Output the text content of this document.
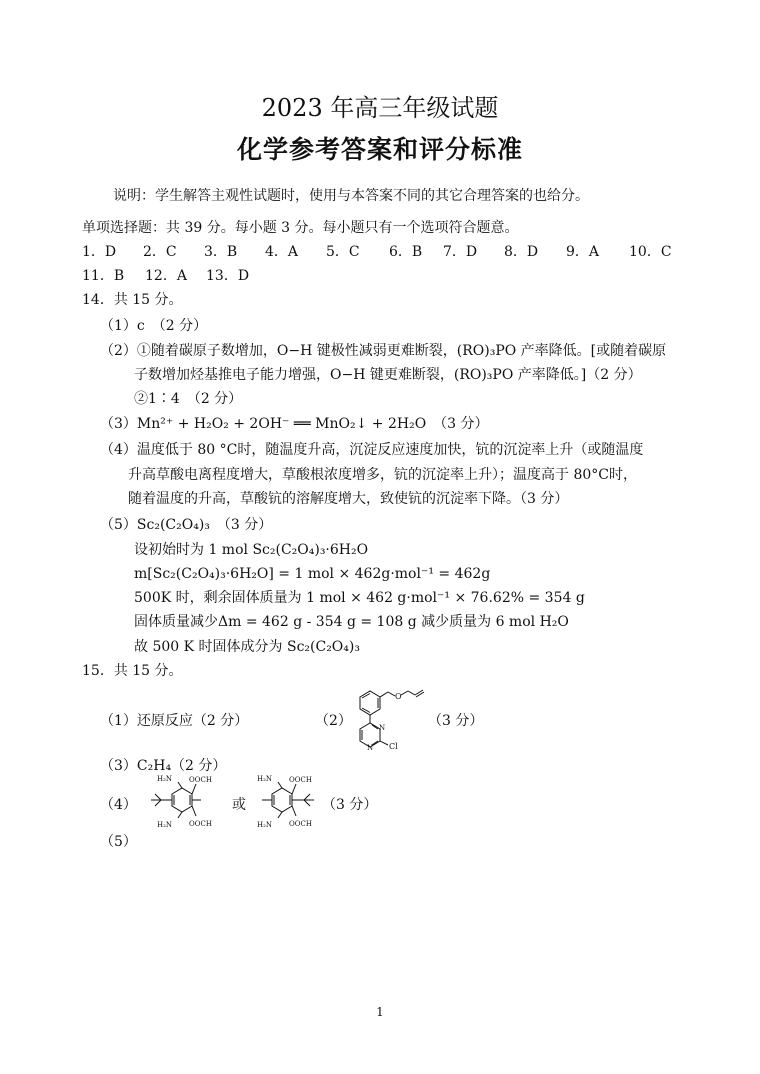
2023 年高三年级试题
化学参考答案和评分标准
说明：学生解答主观性试题时，使用与本答案不同的其它合理答案的也给分。
单项选择题：共 39 分。每小题 3 分。每小题只有一个选项符合题意。
1．D	2．C	3．B	4．A	5．C	6．B	7．D	8．D	9．A	10．C
11．B	12．A	13．D
14．共 15 分。
（1）c　（2 分）
（2）①随着碳原子数增加，O−H 键极性减弱更难断裂，(RO)₃PO 产率降低。[或随着碳原
子数增加烃基推电子能力增强，O−H 键更难断裂，(RO)₃PO 产率降低。]（2 分）
②1∶4　（2 分）
（3）Mn²⁺ + H₂O₂ + 2OH⁻ ══ MnO₂↓ + 2H₂O　（3 分）
（4）温度低于 80 °C时，随温度升高，沉淀反应速度加快，钪的沉淀率上升（或随温度
升高草酸电离程度增大，草酸根浓度增多，钪的沉淀率上升）；温度高于 80°C时，
随着温度的升高，草酸钪的溶解度增大，致使钪的沉淀率下降。（3 分）
（5）Sc₂(C₂O₄)₃　（3 分）
设初始时为 1 mol Sc₂(C₂O₄)₃·6H₂O
m[Sc₂(C₂O₄)₃·6H₂O] = 1 mol × 462g·mol⁻¹ = 462g
500K 时，剩余固体质量为 1 mol × 462 g·mol⁻¹ × 76.62% = 354 g
固体质量减少Δm = 462 g - 354 g = 108 g 减少质量为 6 mol H₂O
故 500 K 时固体成分为 Sc₂(C₂O₄)₃
15．共 15 分。
（1）还原反应（2 分）	（2）	（3 分）
O
N
N Cl
（3）C₂H₄（2 分）
（4）
H₂N OOCH
H₂N OOCH
或
H₂N OOCH
H₂N OOCH
（3 分）
（5）
1
